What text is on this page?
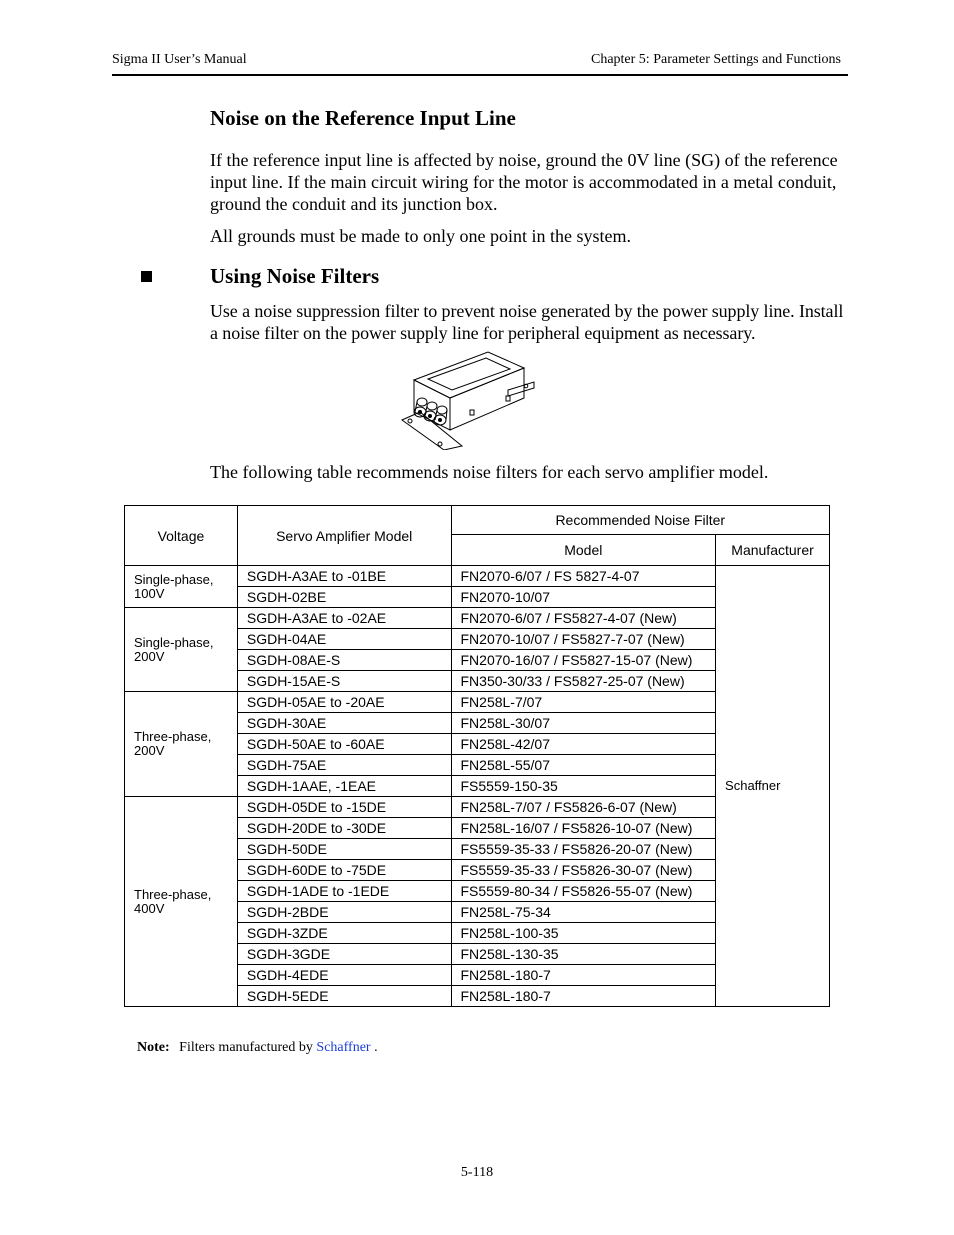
Sigma II User’s Manual	Chapter 5: Parameter Settings and Functions
Noise on the Reference Input Line

If the reference input line is affected by noise, ground the 0V line (SG) of the reference input line. If the main circuit wiring for the motor is accommodated in a metal conduit, ground the conduit and its junction box.

All grounds must be made to only one point in the system.

Using Noise Filters

Use a noise suppression filter to prevent noise generated by the power supply line. Install a noise filter on the power supply line for peripheral equipment as necessary.

The following table recommends noise filters for each servo amplifier model.

Voltage	Servo Amplifier Model	Recommended Noise Filter	
		Model	Manufacturer
Single-phase, 100V	SGDH-A3AE to -01BE	FN2070-6/07 / FS 5827-4-07	Schaffner
	SGDH-02BE	FN2070-10/07	
Single-phase, 200V	SGDH-A3AE to -02AE	FN2070-6/07 / FS5827-4-07 (New)	
	SGDH-04AE	FN2070-10/07 / FS5827-7-07 (New)	
	SGDH-08AE-S	FN2070-16/07 / FS5827-15-07 (New)	
	SGDH-15AE-S	FN350-30/33 / FS5827-25-07 (New)	
Three-phase, 200V	SGDH-05AE to -20AE	FN258L-7/07	
	SGDH-30AE	FN258L-30/07	
	SGDH-50AE to -60AE	FN258L-42/07	
	SGDH-75AE	FN258L-55/07	
	SGDH-1AAE, -1EAE	FS5559-150-35	
Three-phase, 400V	SGDH-05DE to -15DE	FN258L-7/07 / FS5826-6-07 (New)	
	SGDH-20DE to -30DE	FN258L-16/07 / FS5826-10-07 (New)	
	SGDH-50DE	FS5559-35-33 / FS5826-20-07 (New)	
	SGDH-60DE to -75DE	FS5559-35-33 / FS5826-30-07 (New)	
	SGDH-1ADE to -1EDE	FS5559-80-34 / FS5826-55-07 (New)	
	SGDH-2BDE	FN258L-75-34	
	SGDH-3ZDE	FN258L-100-35	
	SGDH-3GDE	FN258L-130-35	
	SGDH-4EDE	FN258L-180-7	
	SGDH-5EDE	FN258L-180-7	
Note: Filters manufactured by Schaffner .
5-118
